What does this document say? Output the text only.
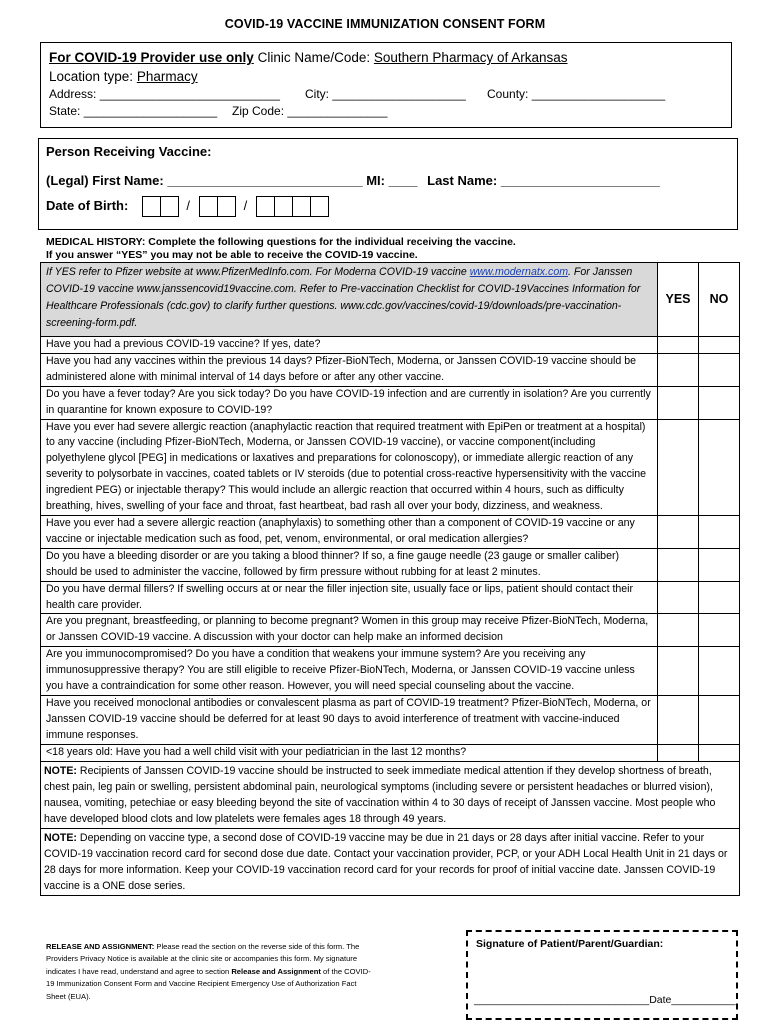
COVID-19 VACCINE IMMUNIZATION CONSENT FORM
For COVID-19 Provider use only Clinic Name/Code: Southern Pharmacy of Arkansas
Location type: Pharmacy
Address: ___________________________ City: ____________________ County: ____________________
State: ____________________ Zip Code: _______________
Person Receiving Vaccine:
(Legal) First Name: ___________________________ MI: ____ Last Name: ______________________
Date of Birth:	/	/
MEDICAL HISTORY: Complete the following questions for the individual receiving the vaccine.
If you answer “YES” you may not be able to receive the COVID-19 vaccine.
If YES refer to Pfizer website at www.PfizerMedInfo.com. For Moderna COVID-19 vaccine www.modernatx.com. For Janssen COVID-19 vaccine www.janssencovid19vaccine.com. Refer to Pre-vaccination Checklist for COVID-19Vaccines Information for Healthcare Professionals (cdc.gov) to clarify further questions. www.cdc.gov/vaccines/covid-19/downloads/pre-vaccination-screening-form.pdf.	YES	NO
Have you had a previous COVID-19 vaccine? If yes, date?		
Have you had any vaccines within the previous 14 days? Pfizer-BioNTech, Moderna, or Janssen COVID-19 vaccine should be administered alone with minimal interval of 14 days before or after any other vaccine.		
Do you have a fever today? Are you sick today? Do you have COVID-19 infection and are currently in isolation? Are you currently in quarantine for known exposure to COVID-19?		
Have you ever had severe allergic reaction (anaphylactic reaction that required treatment with EpiPen or treatment at a hospital) to any vaccine (including Pfizer-BioNTech, Moderna, or Janssen COVID-19 vaccine), or vaccine component(including polyethylene glycol [PEG] in medications or laxatives and preparations for colonoscopy), or immediate allergic reaction of any severity to polysorbate in vaccines, coated tablets or IV steroids (due to potential cross-reactive hypersensitivity with the vaccine ingredient PEG) or injectable therapy? This would include an allergic reaction that occurred within 4 hours, such as difficulty breathing, hives, swelling of your face and throat, fast heartbeat, bad rash all over your body, dizziness, and weakness.		
Have you ever had a severe allergic reaction (anaphylaxis) to something other than a component of COVID-19 vaccine or any vaccine or injectable medication such as food, pet, venom, environmental, or oral medication allergies?		
Do you have a bleeding disorder or are you taking a blood thinner? If so, a fine gauge needle (23 gauge or smaller caliber) should be used to administer the vaccine, followed by firm pressure without rubbing for at least 2 minutes.		
Do you have dermal fillers? If swelling occurs at or near the filler injection site, usually face or lips, patient should contact their health care provider.		
Are you pregnant, breastfeeding, or planning to become pregnant? Women in this group may receive Pfizer-BioNTech, Moderna, or Janssen COVID-19 vaccine. A discussion with your doctor can help make an informed decision		
Are you immunocompromised? Do you have a condition that weakens your immune system? Are you receiving any immunosuppressive therapy? You are still eligible to receive Pfizer-BioNTech, Moderna, or Janssen COVID-19 vaccine unless you have a contraindication for some other reason. However, you will need special counseling about the vaccine.		
Have you received monoclonal antibodies or convalescent plasma as part of COVID-19 treatment? Pfizer-BioNTech, Moderna, or Janssen COVID-19 vaccine should be deferred for at least 90 days to avoid interference of treatment with vaccine-induced immune responses.		
<18 years old: Have you had a well child visit with your pediatrician in the last 12 months?		
NOTE: Recipients of Janssen COVID-19 vaccine should be instructed to seek immediate medical attention if they develop shortness of breath, chest pain, leg pain or swelling, persistent abdominal pain, neurological symptoms (including severe or persistent headaches or blurred vision), nausea, vomiting, petechiae or easy bleeding beyond the site of vaccination within 4 to 30 days of receipt of Janssen vaccine. Most people who have developed blood clots and low platelets were females ages 18 through 49 years.		
NOTE: Depending on vaccine type, a second dose of COVID-19 vaccine may be due in 21 days or 28 days after initial vaccine. Refer to your COVID-19 vaccination record card for second dose due date. Contact your vaccination provider, PCP, or your ADH Local Health Unit in 21 days or 28 days for more information. Keep your COVID-19 vaccination record card for your records for proof of initial vaccine date. Janssen COVID-19 vaccine is a ONE dose series.		
RELEASE AND ASSIGNMENT: Please read the section on the reverse side of this form. The Providers Privacy Notice is available at the clinic site or accompanies this form. My signature indicates I have read, understand and agree to section Release and Assignment of the COVID-19 Immunization Consent Form and Vaccine Recipient Emergency Use of Authorization Fact Sheet (EUA).
Signature of Patient/Parent/Guardian:
______________________________Date___________
